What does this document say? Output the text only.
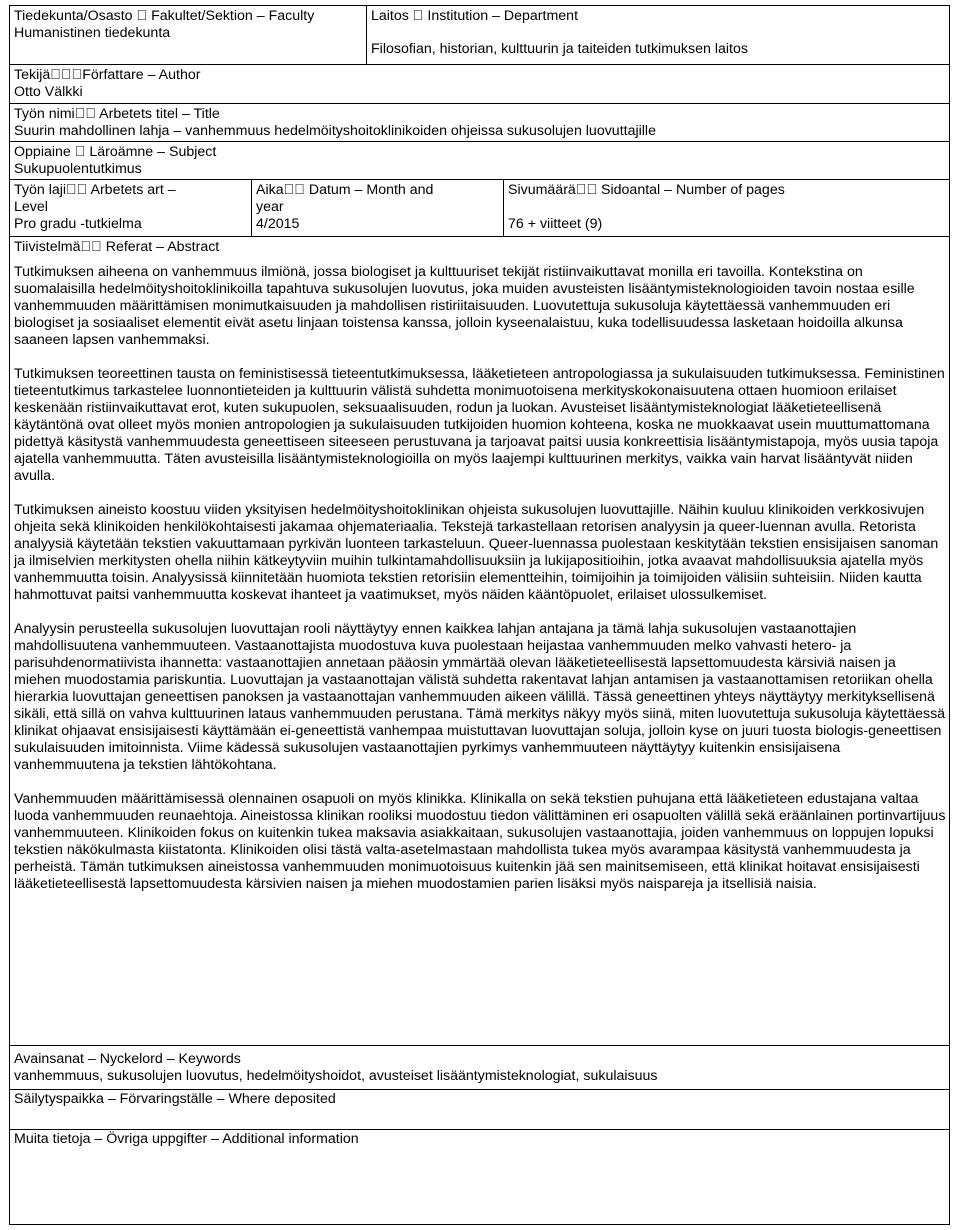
Tiedekunta/Osasto   Fakultet/Sektion – Faculty
Humanistinen tiedekunta
Laitos   Institution – Department
Filosofian, historian, kulttuurin ja taiteiden tutkimuksen laitos
Tekijä   Författare – Author
Otto Välkki
Työn nimi   Arbetets titel – Title
Suurin mahdollinen lahja – vanhemmuus hedelmöityshoitoklinikoiden ohjeissa sukusolujen luovuttajille
Oppiaine   Läroämne – Subject
Sukupuolentutkimus
Työn laji   Arbetets art –
Level
Pro gradu -tutkielma
Aika   Datum – Month and
year
4/2015
Sivumäärä   Sidoantal – Number of pages
76 + viitteet (9)
Tiivistelmä   Referat – Abstract

Tutkimuksen aiheena on vanhemmuus ilmiönä, jossa biologiset ja kulttuuriset tekijät ristiinvaikuttavat monilla eri tavoilla. Kontekstina on suomalaisilla hedelmöityshoitoklinikoilla tapahtuva sukusolujen luovutus, joka muiden avusteisten lisääntymisteknologioiden tavoin nostaa esille vanhemmuuden määrittämisen monimutkaisuuden ja mahdollisen ristiriitaisuuden. Luovutettuja sukusoluja käytettäessä vanhemmuuden eri biologiset ja sosiaaliset elementit eivät asetu linjaan toistensa kanssa, jolloin kyseenalaistuu, kuka todellisuudessa lasketaan hoidoilla alkunsa saaneen lapsen vanhemmaksi.

Tutkimuksen teoreettinen tausta on feministisessä tieteentutkimuksessa, lääketieteen antropologiassa ja sukulaisuuden tutkimuksessa. Feministinen tieteentutkimus tarkastelee luonnontieteiden ja kulttuurin välistä suhdetta monimuotoisena merkityskokonaisuutena ottaen huomioon erilaiset keskenään ristiinvaikuttavat erot, kuten sukupuolen, seksuaalisuuden, rodun ja luokan. Avusteiset lisääntymisteknologiat lääketieteellisenä käytäntönä ovat olleet myös monien antropologien ja sukulaisuuden tutkijoiden huomion kohteena, koska ne muokkaavat usein muuttumattomana pidettyä käsitystä vanhemmuudesta geneettiseen siteeseen perustuvana ja tarjoavat paitsi uusia konkreettisia lisääntymistapoja, myös uusia tapoja ajatella vanhemmuutta. Täten avusteisilla lisääntymisteknologioilla on myös laajempi kulttuurinen merkitys, vaikka vain harvat lisääntyvät niiden avulla.

Tutkimuksen aineisto koostuu viiden yksityisen hedelmöityshoitoklinikan ohjeista sukusolujen luovuttajille. Näihin kuuluu klinikoiden verkkosivujen ohjeita sekä klinikoiden henkilökohtaisesti jakamaa ohjemateriaalia. Tekstejä tarkastellaan retorisen analyysin ja queer-luennan avulla. Retorista analyysiä käytetään tekstien vakuuttamaan pyrkivän luonteen tarkasteluun. Queer-luennassa puolestaan keskitytään tekstien ensisijaisen sanoman ja ilmiselvien merkitysten ohella niihin kätkeytyviin muihin tulkintamahdollisuuksiin ja lukijapositioihin, jotka avaavat mahdollisuuksia ajatella myös vanhemmuutta toisin. Analyysissä kiinnitetään huomiota tekstien retorisiin elementteihin, toimijoihin ja toimijoiden välisiin suhteisiin. Niiden kautta hahmottuvat paitsi vanhemmuutta koskevat ihanteet ja vaatimukset, myös näiden kääntöpuolet, erilaiset ulossulkemiset.

Analyysin perusteella sukusolujen luovuttajan rooli näyttäytyy ennen kaikkea lahjan antajana ja tämä lahja sukusolujen vastaanottajien mahdollisuutena vanhemmuuteen. Vastaanottajista muodostuva kuva puolestaan heijastaa vanhemmuuden melko vahvasti hetero- ja parisuhdenormatiivista ihannetta: vastaanottajien annetaan pääosin ymmärtää olevan lääketieteellisestä lapsettomuudesta kärsiviä naisen ja miehen muodostamia pariskuntia. Luovuttajan ja vastaanottajan välistä suhdetta rakentavat lahjan antamisen ja vastaanottamisen retoriikan ohella hierarkia luovuttajan geneettisen panoksen ja vastaanottajan vanhemmuuden aikeen välillä. Tässä geneettinen yhteys näyttäytyy merkityksellisenä sikäli, että sillä on vahva kulttuurinen lataus vanhemmuuden perustana. Tämä merkitys näkyy myös siinä, miten luovutettuja sukusoluja käytettäessä klinikat ohjaavat ensisijaisesti käyttämään ei-geneettistä vanhempaa muistuttavan luovuttajan soluja, jolloin kyse on juuri tuosta biologis-geneettisen sukulaisuuden imitoinnista. Viime kädessä sukusolujen vastaanottajien pyrkimys vanhemmuuteen näyttäytyy kuitenkin ensisijaisena vanhemmuutena ja tekstien lähtökohtana.

Vanhemmuuden määrittämisessä olennainen osapuoli on myös klinikka. Klinikalla on sekä tekstien puhujana että lääketieteen edustajana valtaa luoda vanhemmuuden reunaehtoja. Aineistossa klinikan rooliksi muodostuu tiedon välittäminen eri osapuolten välillä sekä eräänlainen portinvartijuus vanhemmuuteen. Klinikoiden fokus on kuitenkin tukea maksavia asiakkaitaan, sukusolujen vastaanottajia, joiden vanhemmuus on loppujen lopuksi tekstien näkökulmasta kiistatonta. Klinikoiden olisi tästä valta-asetelmastaan mahdollista tukea myös avarampaa käsitystä vanhemmuudesta ja perheistä. Tämän tutkimuksen aineistossa vanhemmuuden monimuotoisuus kuitenkin jää sen mainitsemiseen, että klinikat hoitavat ensisijaisesti lääketieteellisestä lapsettomuudesta kärsivien naisen ja miehen muodostamien parien lisäksi myös naispareja ja itsellisiä naisia.

Avainsanat – Nyckelord – Keywords
vanhemmuus, sukusolujen luovutus, hedelmöityshoidot, avusteiset lisääntymisteknologiat, sukulaisuus
Säilytyspaikka – Förvaringställe – Where deposited
Muita tietoja – Övriga uppgifter – Additional information
